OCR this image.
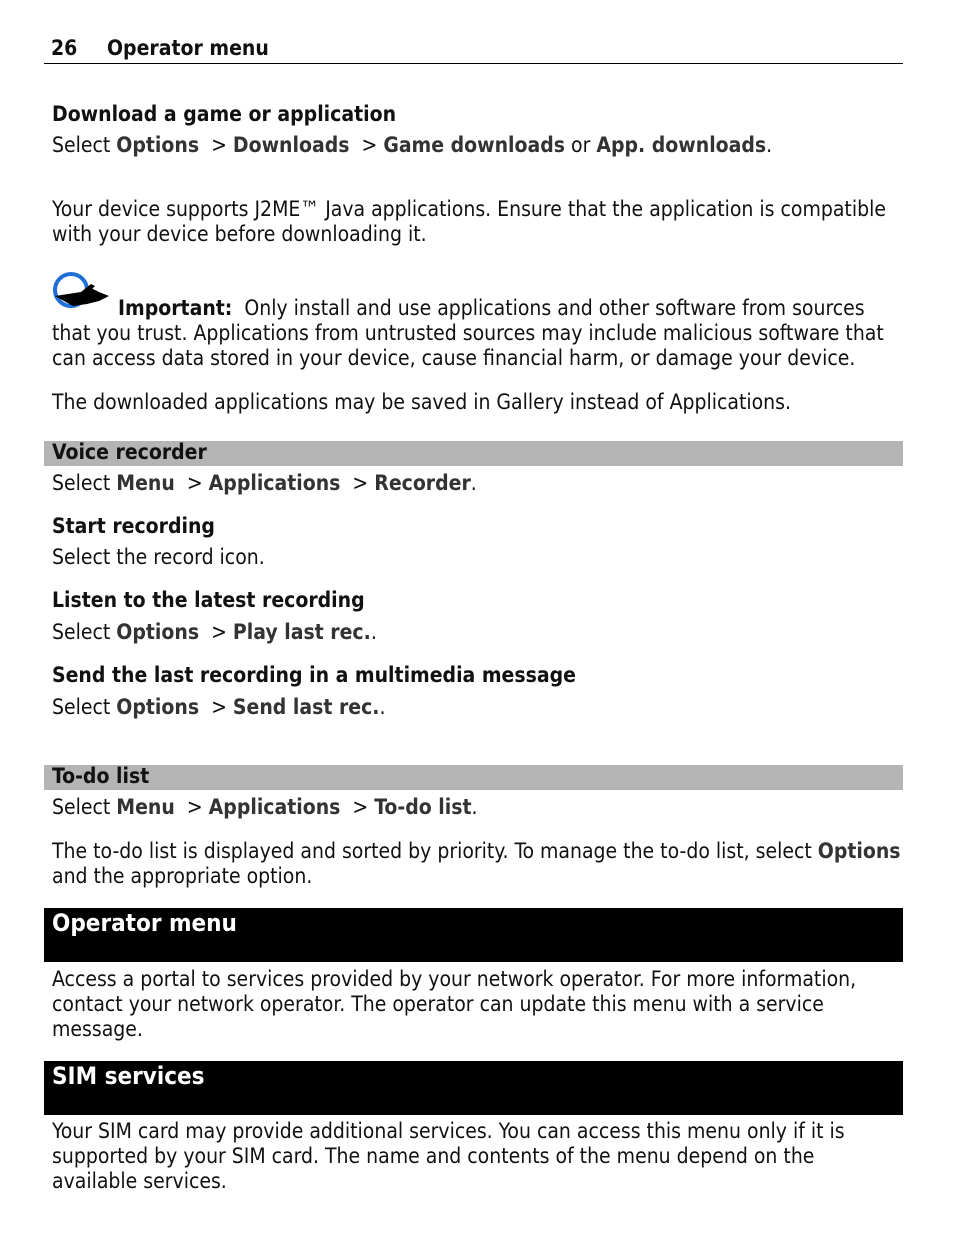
26 Operator menu
Download a game or application
Select Options > Downloads > Game downloads or App. downloads.
Your device supports J2ME™ Java applications. Ensure that the application is compatible with your device before downloading it.
Important: Only install and use applications and other software from sources that you trust. Applications from untrusted sources may include malicious software that can access data stored in your device, cause financial harm, or damage your device.
The downloaded applications may be saved in Gallery instead of Applications.
Voice recorder
Select Menu > Applications > Recorder.
Start recording
Select the record icon.
Listen to the latest recording
Select Options > Play last rec..
Send the last recording in a multimedia message
Select Options > Send last rec..
To-do list
Select Menu > Applications > To-do list.
The to-do list is displayed and sorted by priority. To manage the to-do list, select Options and the appropriate option.
Operator menu
Access a portal to services provided by your network operator. For more information, contact your network operator. The operator can update this menu with a service message.
SIM services
Your SIM card may provide additional services. You can access this menu only if it is supported by your SIM card. The name and contents of the menu depend on the available services.
